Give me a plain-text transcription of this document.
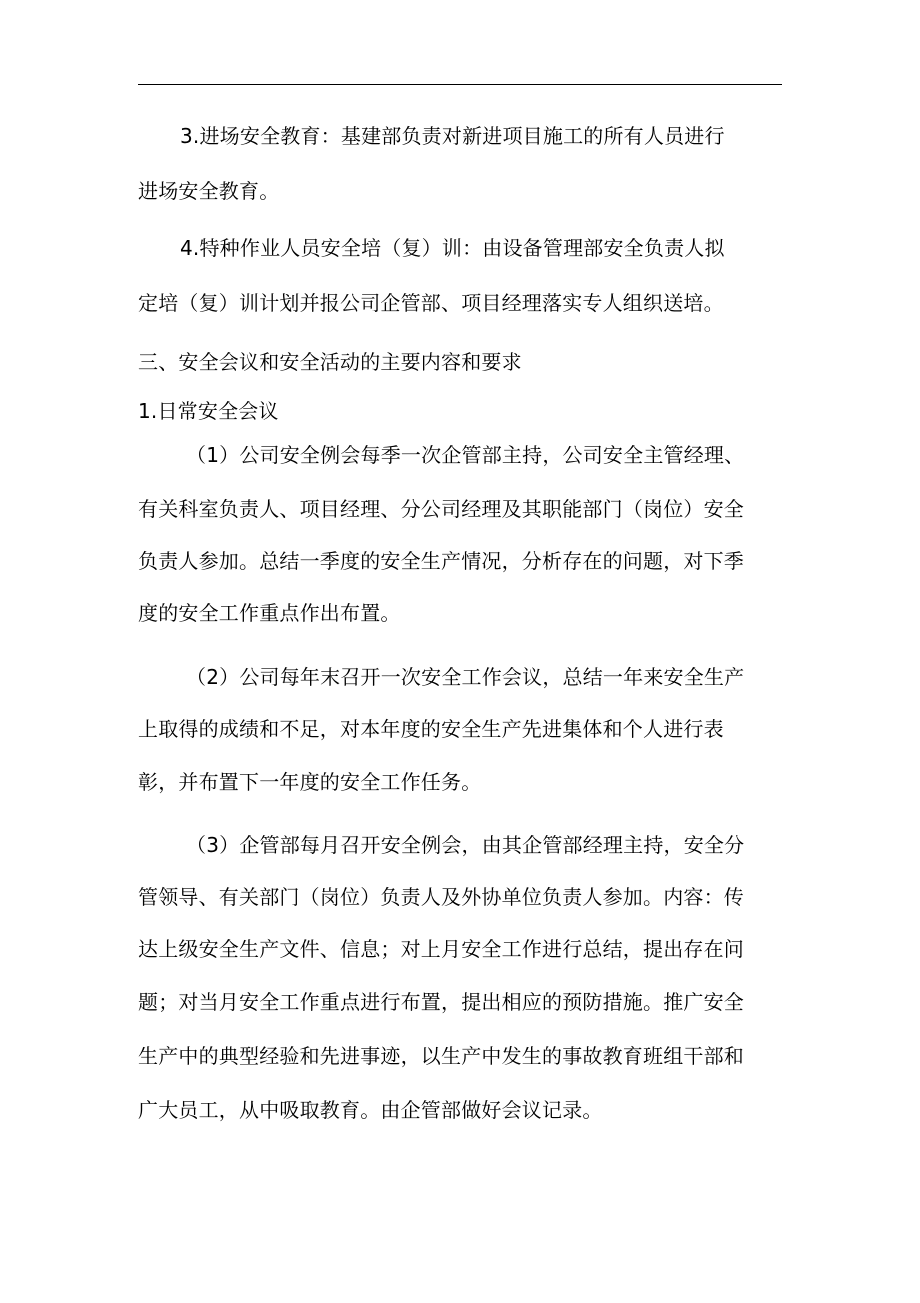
3.进场安全教育：基建部负责对新进项目施工的所有人员进行

进场安全教育。

4.特种作业人员安全培（复）训：由设备管理部安全负责人拟

定培（复）训计划并报公司企管部、项目经理落实专人组织送培。

三、安全会议和安全活动的主要内容和要求

1.日常安全会议

（1）公司安全例会每季一次企管部主持，公司安全主管经理、

有关科室负责人、项目经理、分公司经理及其职能部门（岗位）安全

负责人参加。总结一季度的安全生产情况，分析存在的问题，对下季

度的安全工作重点作出布置。

（2）公司每年末召开一次安全工作会议，总结一年来安全生产

上取得的成绩和不足，对本年度的安全生产先进集体和个人进行表

彰，并布置下一年度的安全工作任务。

（3）企管部每月召开安全例会，由其企管部经理主持，安全分

管领导、有关部门（岗位）负责人及外协单位负责人参加。内容：传

达上级安全生产文件、信息；对上月安全工作进行总结，提出存在问

题；对当月安全工作重点进行布置，提出相应的预防措施。推广安全

生产中的典型经验和先进事迹，以生产中发生的事故教育班组干部和

广大员工，从中吸取教育。由企管部做好会议记录。
